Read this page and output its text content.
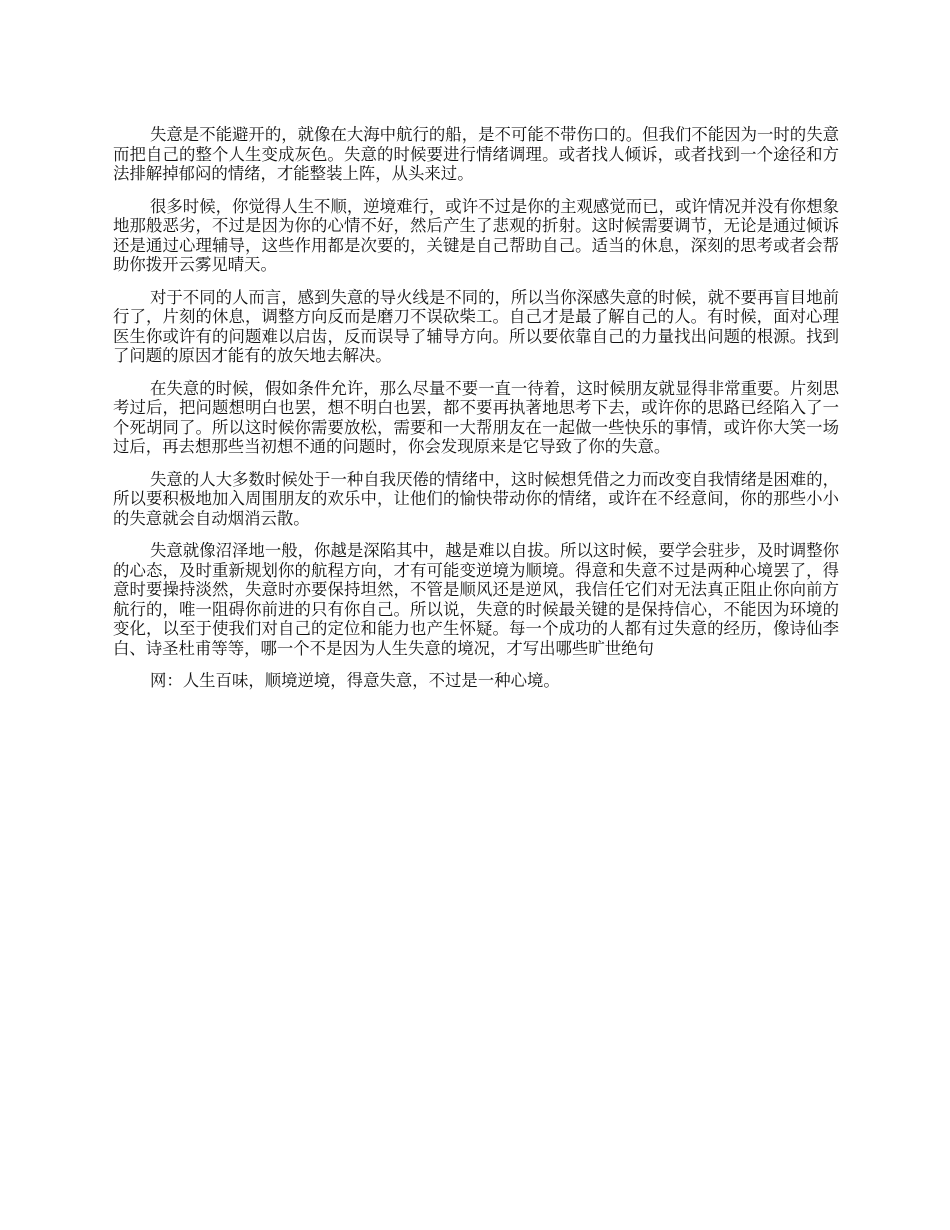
失意是不能避开的，就像在大海中航行的船，是不可能不带伤口的。但我们不能因为一时的失意而把自己的整个人生变成灰色。失意的时候要进行情绪调理。或者找人倾诉，或者找到一个途径和方法排解掉郁闷的情绪，才能整装上阵，从头来过。

很多时候，你觉得人生不顺，逆境难行，或许不过是你的主观感觉而已，或许情况并没有你想象地那般恶劣，不过是因为你的心情不好，然后产生了悲观的折射。这时候需要调节，无论是通过倾诉还是通过心理辅导，这些作用都是次要的，关键是自己帮助自己。适当的休息，深刻的思考或者会帮助你拨开云雾见晴天。

对于不同的人而言，感到失意的导火线是不同的，所以当你深感失意的时候，就不要再盲目地前行了，片刻的休息，调整方向反而是磨刀不误砍柴工。自己才是最了解自己的人。有时候，面对心理医生你或许有的问题难以启齿，反而误导了辅导方向。所以要依靠自己的力量找出问题的根源。找到了问题的原因才能有的放矢地去解决。

在失意的时候，假如条件允许，那么尽量不要一直一待着，这时候朋友就显得非常重要。片刻思考过后，把问题想明白也罢，想不明白也罢，都不要再执著地思考下去，或许你的思路已经陷入了一个死胡同了。所以这时候你需要放松，需要和一大帮朋友在一起做一些快乐的事情，或许你大笑一场过后，再去想那些当初想不通的问题时，你会发现原来是它导致了你的失意。

失意的人大多数时候处于一种自我厌倦的情绪中，这时候想凭借之力而改变自我情绪是困难的，所以要积极地加入周围朋友的欢乐中，让他们的愉快带动你的情绪，或许在不经意间，你的那些小小的失意就会自动烟消云散。

失意就像沼泽地一般，你越是深陷其中，越是难以自拔。所以这时候，要学会驻步，及时调整你的心态，及时重新规划你的航程方向，才有可能变逆境为顺境。得意和失意不过是两种心境罢了，得意时要操持淡然，失意时亦要保持坦然，不管是顺风还是逆风，我信任它们对无法真正阻止你向前方航行的，唯一阻碍你前进的只有你自己。所以说，失意的时候最关键的是保持信心，不能因为环境的变化，以至于使我们对自己的定位和能力也产生怀疑。每一个成功的人都有过失意的经历，像诗仙李白、诗圣杜甫等等，哪一个不是因为人生失意的境况，才写出哪些旷世绝句

网：人生百味，顺境逆境，得意失意，不过是一种心境。
